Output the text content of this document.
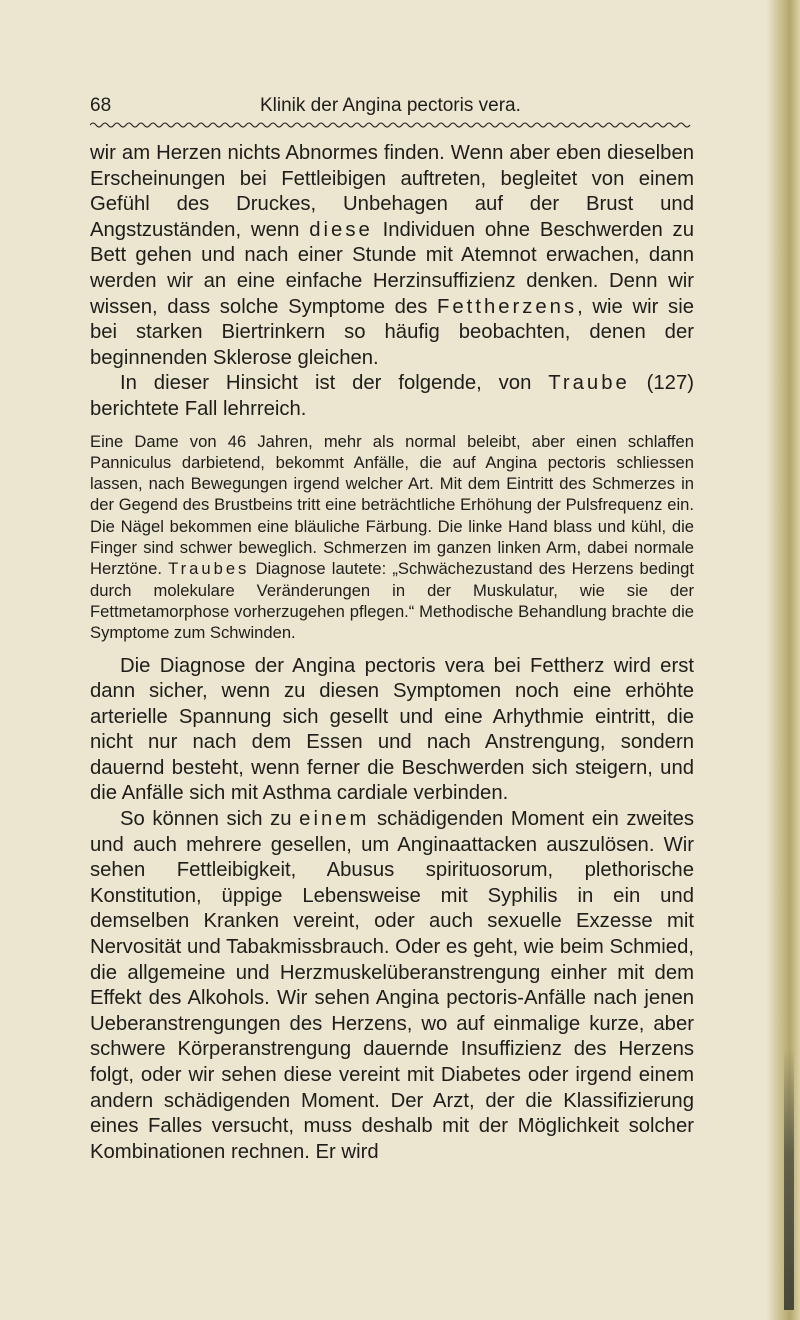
68	Klinik der Angina pectoris vera.

wir am Herzen nichts Abnormes finden. Wenn aber eben dieselben Erscheinungen bei Fettleibigen auftreten, begleitet von einem Gefühl des Druckes, Unbehagen auf der Brust und Angstzuständen, wenn diese Individuen ohne Beschwerden zu Bett gehen und nach einer Stunde mit Atemnot erwachen, dann werden wir an eine einfache Herzinsuffizienz denken. Denn wir wissen, dass solche Symptome des Fettherzens, wie wir sie bei starken Biertrinkern so häufig beobachten, denen der beginnenden Sklerose gleichen.

In dieser Hinsicht ist der folgende, von Traube (127) berichtete Fall lehrreich.

Eine Dame von 46 Jahren, mehr als normal beleibt, aber einen schlaffen Panniculus darbietend, bekommt Anfälle, die auf Angina pectoris schliessen lassen, nach Bewegungen irgend welcher Art. Mit dem Eintritt des Schmerzes in der Gegend des Brustbeins tritt eine beträchtliche Erhöhung der Pulsfrequenz ein. Die Nägel bekommen eine bläuliche Färbung. Die linke Hand blass und kühl, die Finger sind schwer beweglich. Schmerzen im ganzen linken Arm, dabei normale Herztöne. Traubes Diagnose lautete: „Schwächezustand des Herzens bedingt durch molekulare Veränderungen in der Muskulatur, wie sie der Fettmetamorphose vorherzugehen pflegen.“ Methodische Behandlung brachte die Symptome zum Schwinden.

Die Diagnose der Angina pectoris vera bei Fettherz wird erst dann sicher, wenn zu diesen Symptomen noch eine erhöhte arterielle Spannung sich gesellt und eine Arhythmie eintritt, die nicht nur nach dem Essen und nach Anstrengung, sondern dauernd besteht, wenn ferner die Beschwerden sich steigern, und die Anfälle sich mit Asthma cardiale verbinden.

So können sich zu einem schädigenden Moment ein zweites und auch mehrere gesellen, um Anginaattacken auszulösen. Wir sehen Fettleibigkeit, Abusus spirituosorum, plethorische Konstitution, üppige Lebensweise mit Syphilis in ein und demselben Kranken vereint, oder auch sexuelle Exzesse mit Nervosität und Tabakmissbrauch. Oder es geht, wie beim Schmied, die allgemeine und Herzmuskelüberanstrengung einher mit dem Effekt des Alkohols. Wir sehen Angina pectoris-Anfälle nach jenen Ueberanstrengungen des Herzens, wo auf einmalige kurze, aber schwere Körperanstrengung dauernde Insuffizienz des Herzens folgt, oder wir sehen diese vereint mit Diabetes oder irgend einem andern schädigenden Moment. Der Arzt, der die Klassifizierung eines Falles versucht, muss deshalb mit der Möglichkeit solcher Kombinationen rechnen. Er wird
